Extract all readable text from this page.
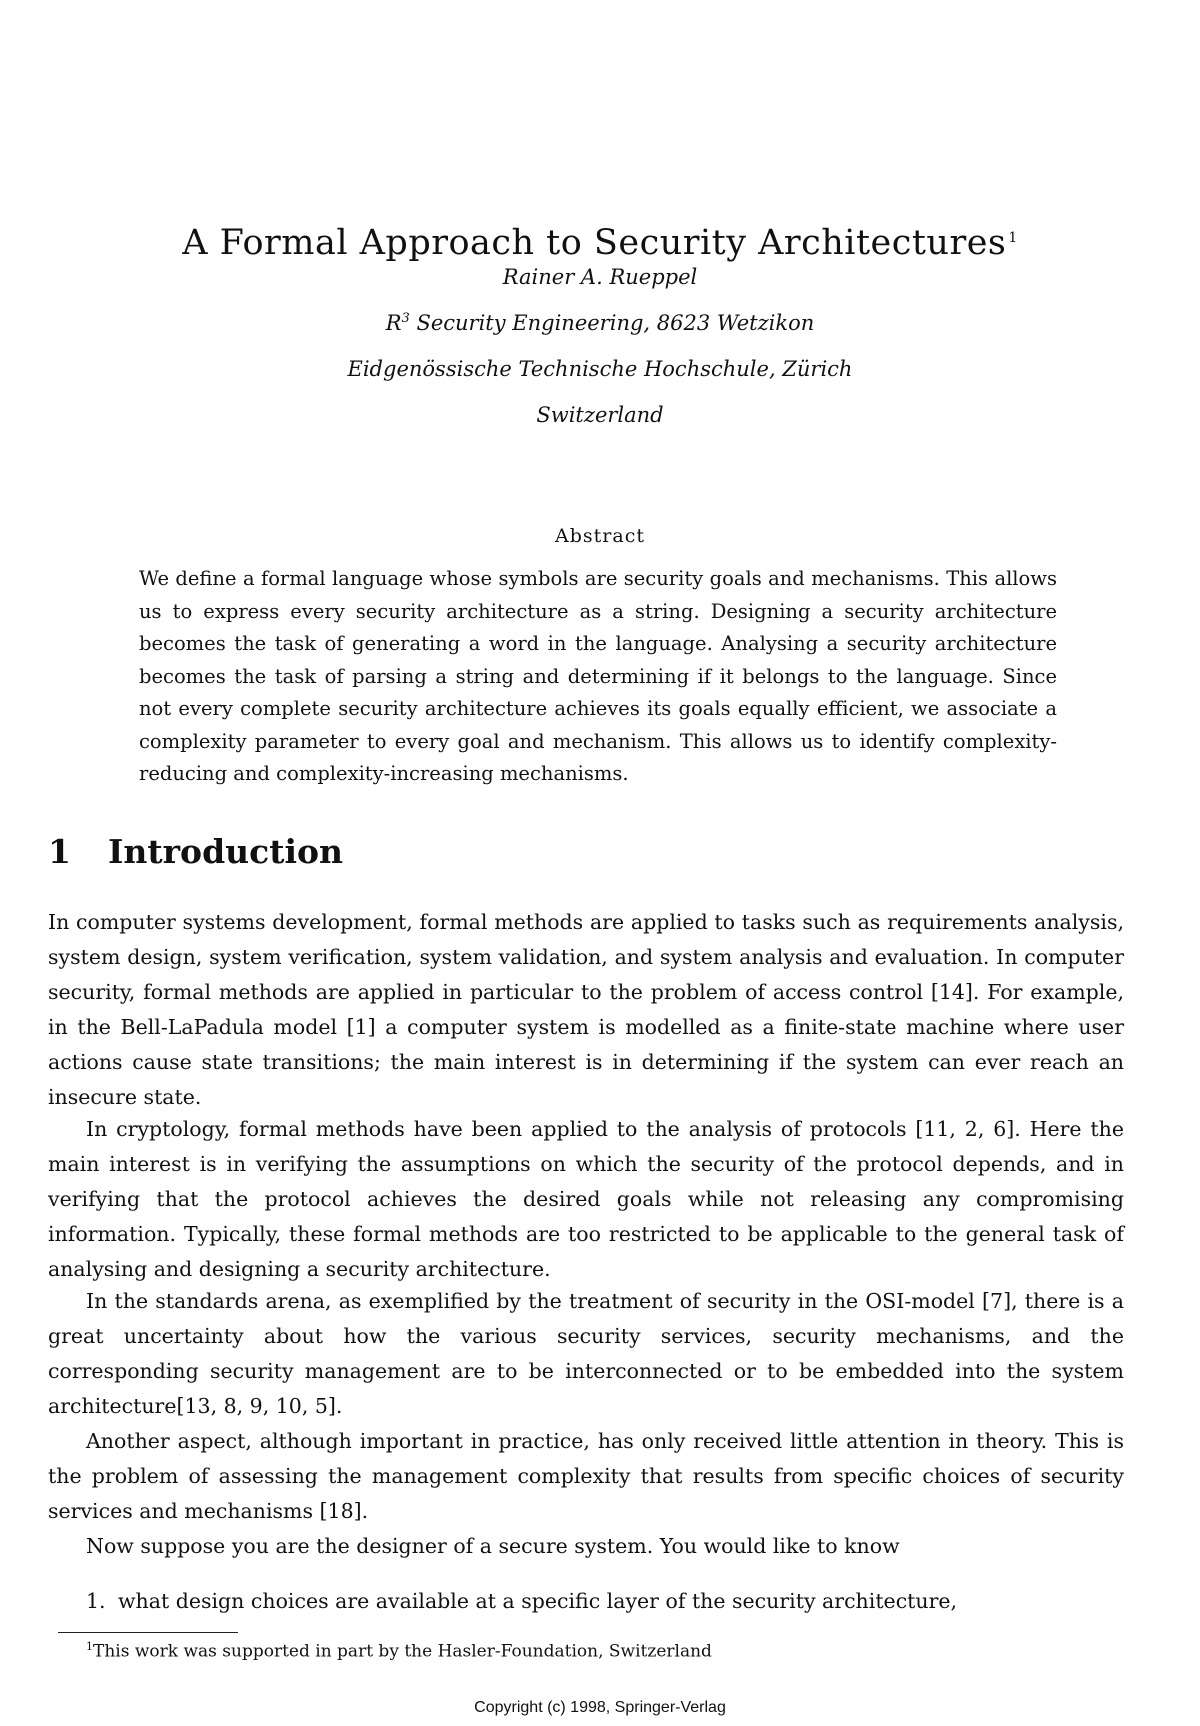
A Formal Approach to Security Architectures $^1$
Rainer A. Rueppel
$R^3$ Security Engineering, 8623 Wetzikon
Eidgenössische Technische Hochschule, Zürich
Switzerland
Abstract

We define a formal language whose symbols are security goals and mechanisms. This allows us to express every security architecture as a string. Designing a security architecture becomes the task of generating a word in the language. Analysing a security architecture becomes the task of parsing a string and determining if it belongs to the language. Since not every complete security architecture achieves its goals equally efficient, we associate a complexity parameter to every goal and mechanism. This allows us to identify complexity- reducing and complexity-increasing mechanisms.

1 Introduction

In computer systems development, formal methods are applied to tasks such as requirements analysis, system design, system verification, system validation, and system analysis and evaluation. In computer security, formal methods are applied in particular to the problem of access control [14]. For example, in the Bell-LaPadula model [1] a computer system is modelled as a finite-state machine where user actions cause state transitions; the main interest is in determining if the system can ever reach an insecure state.

In cryptology, formal methods have been applied to the analysis of protocols [11, 2, 6]. Here the main interest is in verifying the assumptions on which the security of the protocol depends, and in verifying that the protocol achieves the desired goals while not releasing any compromising information. Typically, these formal methods are too restricted to be applicable to the general task of analysing and designing a security architecture.

In the standards arena, as exemplified by the treatment of security in the OSI-model [7], there is a great uncertainty about how the various security services, security mechanisms, and the corresponding security management are to be interconnected or to be embedded into the system architecture[13, 8, 9, 10, 5].

Another aspect, although important in practice, has only received little attention in theory. This is the problem of assessing the management complexity that results from specific choices of security services and mechanisms [18].

Now suppose you are the designer of a secure system. You would like to know

1. what design choices are available at a specific layer of the security architecture,

$^1$This work was supported in part by the Hasler-Foundation, Switzerland

Copyright (c) 1998, Springer-Verlag
